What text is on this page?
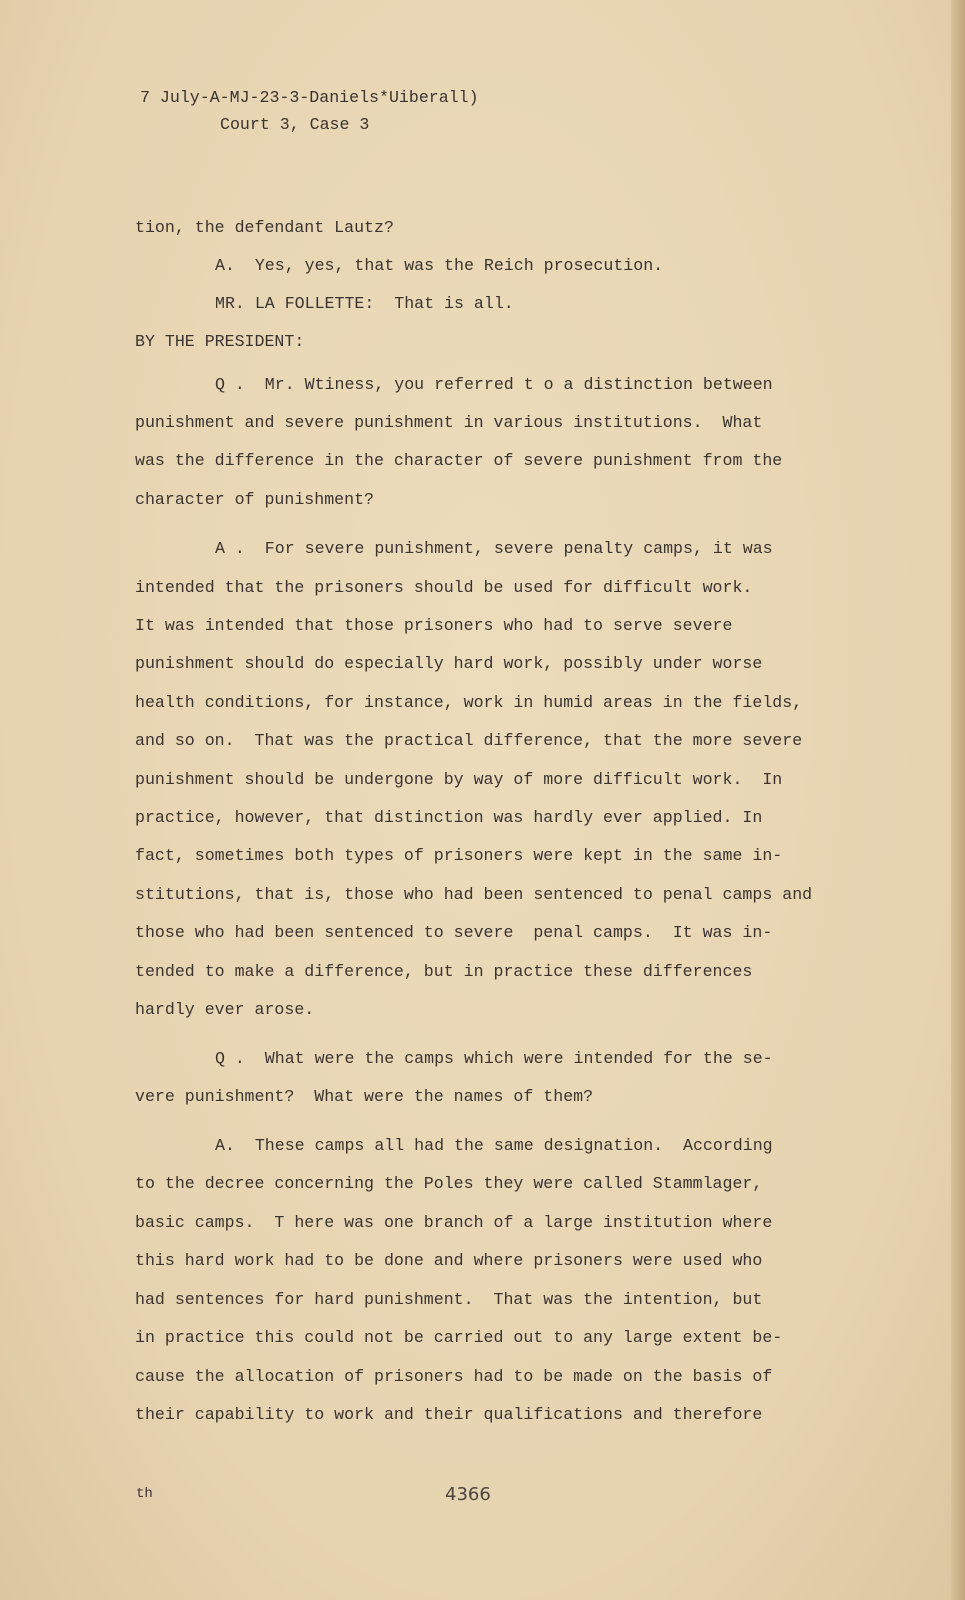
7 July-A-MJ-23-3-Daniels*Uiberall)
Court 3, Case 3
tion, the defendant Lautz?
A.  Yes, yes, that was the Reich prosecution.
MR. LA FOLLETTE:  That is all.
BY THE PRESIDENT:
Q .  Mr. Wtiness, you referred t o a distinction between
punishment and severe punishment in various institutions.  What
was the difference in the character of severe punishment from the
character of punishment?
A .  For severe punishment, severe penalty camps, it was
intended that the prisoners should be used for difficult work.
It was intended that those prisoners who had to serve severe
punishment should do especially hard work, possibly under worse
health conditions, for instance, work in humid areas in the fields,
and so on.  That was the practical difference, that the more severe
punishment should be undergone by way of more difficult work.  In
practice, however, that distinction was hardly ever applied. In
fact, sometimes both types of prisoners were kept in the same in-
stitutions, that is, those who had been sentenced to penal camps and
those who had been sentenced to severe  penal camps.  It was in-
tended to make a difference, but in practice these differences
hardly ever arose.
Q .  What were the camps which were intended for the se-
vere punishment?  What were the names of them?
A.  These camps all had the same designation.  According
to the decree concerning the Poles they were called Stammlager,
basic camps.  T here was one branch of a large institution where
this hard work had to be done and where prisoners were used who
had sentences for hard punishment.  That was the intention, but
in practice this could not be carried out to any large extent be-
cause the allocation of prisoners had to be made on the basis of
their capability to work and their qualifications and therefore
th	4366
